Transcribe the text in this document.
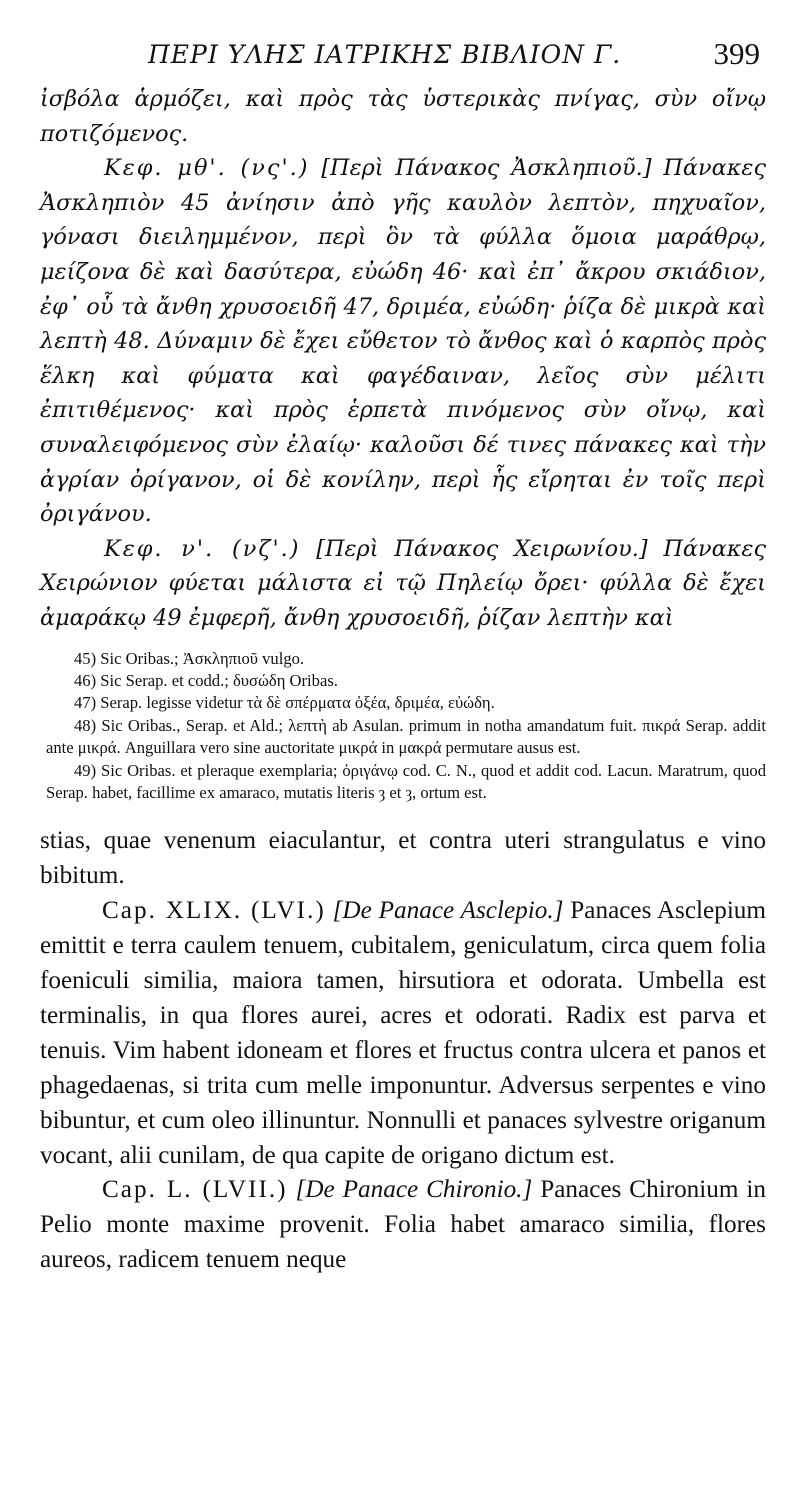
ΠΕΡΙ ΥΛΗΣ ΙΑΤΡΙΚΗΣ ΒΙΒΛΙΟΝ Γ.	399

ἰσβόλα ἁρμόζει, καὶ πρὸς τὰς ὑστερικὰς πνίγας, σὺν οἴνῳ ποτιζόμενος.

Κεφ. μθ'. (νς'.) [Περὶ Πάνακος Ἀσκληπιοῦ.] Πάνακες Ἀσκληπιὸν 45 ἀνίησιν ἀπὸ γῆς καυλὸν λεπτὸν, πηχυαῖον, γόνασι διειλημμένον, περὶ ὃν τὰ φύλλα ὅμοια μαράθρῳ, μείζονα δὲ καὶ δασύτερα, εὐώδη 46· καὶ ἐπ᾽ ἄκρου σκιάδιον, ἐφ᾽ οὗ τὰ ἄνθη χρυσοειδῆ 47, δριμέα, εὐώδη· ῥίζα δὲ μικρὰ καὶ λεπτὴ 48. Δύναμιν δὲ ἔχει εὔθετον τὸ ἄνθος καὶ ὁ καρπὸς πρὸς ἕλκη καὶ φύματα καὶ φαγέδαιναν, λεῖος σὺν μέλιτι ἐπιτιθέμενος· καὶ πρὸς ἑρπετὰ πινόμενος σὺν οἴνῳ, καὶ συναλειφόμενος σὺν ἐλαίῳ· καλοῦσι δέ τινες πάνακες καὶ τὴν ἀγρίαν ὀρίγανον, οἱ δὲ κονίλην, περὶ ἧς εἴρηται ἐν τοῖς περὶ ὀριγάνου.

Κεφ. ν'. (νζ'.) [Περὶ Πάνακος Χειρωνίου.] Πάνακες Χειρώνιον φύεται μάλιστα εἰ τῷ Πηλείῳ ὄρει· φύλλα δὲ ἔχει ἀμαράκῳ 49 ἐμφερῆ, ἄνθη χρυσοειδῆ, ῥίζαν λεπτὴν καὶ

45) Sic Oribas.; Ἀσκληπιοῦ vulgo.

46) Sic Serap. et codd.; δυσώδη Oribas.

47) Serap. legisse videtur τὰ δὲ σπέρματα ὀξέα, δριμέα, εὐώδη.

48) Sic Oribas., Serap. et Ald.; λεπτὴ ab Asulan. primum in notha amandatum fuit. πικρά Serap. addit ante μικρά. Anguillara vero sine auctoritate μικρά in μακρά permutare ausus est.

49) Sic Oribas. et pleraque exemplaria; ὀριγάνῳ cod. C. N., quod et addit cod. Lacun. Maratrum, quod Serap. habet, facillime ex amaraco, mutatis literis ȝ et ȝ, ortum est.

stias, quae venenum eiaculantur, et contra uteri strangulatus e vino bibitum.

Cap. XLIX. (LVI.) [De Panace Asclepio.] Panaces Asclepium emittit e terra caulem tenuem, cubitalem, geniculatum, circa quem folia foeniculi similia, maiora tamen, hirsutiora et odorata. Umbella est terminalis, in qua flores aurei, acres et odorati. Radix est parva et tenuis. Vim habent idoneam et flores et fructus contra ulcera et panos et phagedaenas, si trita cum melle imponuntur. Adversus serpentes e vino bibuntur, et cum oleo illinuntur. Nonnulli et panaces sylvestre origanum vocant, alii cunilam, de qua capite de origano dictum est.

Cap. L. (LVII.) [De Panace Chironio.] Panaces Chironium in Pelio monte maxime provenit. Folia habet amaraco similia, flores aureos, radicem tenuem neque
